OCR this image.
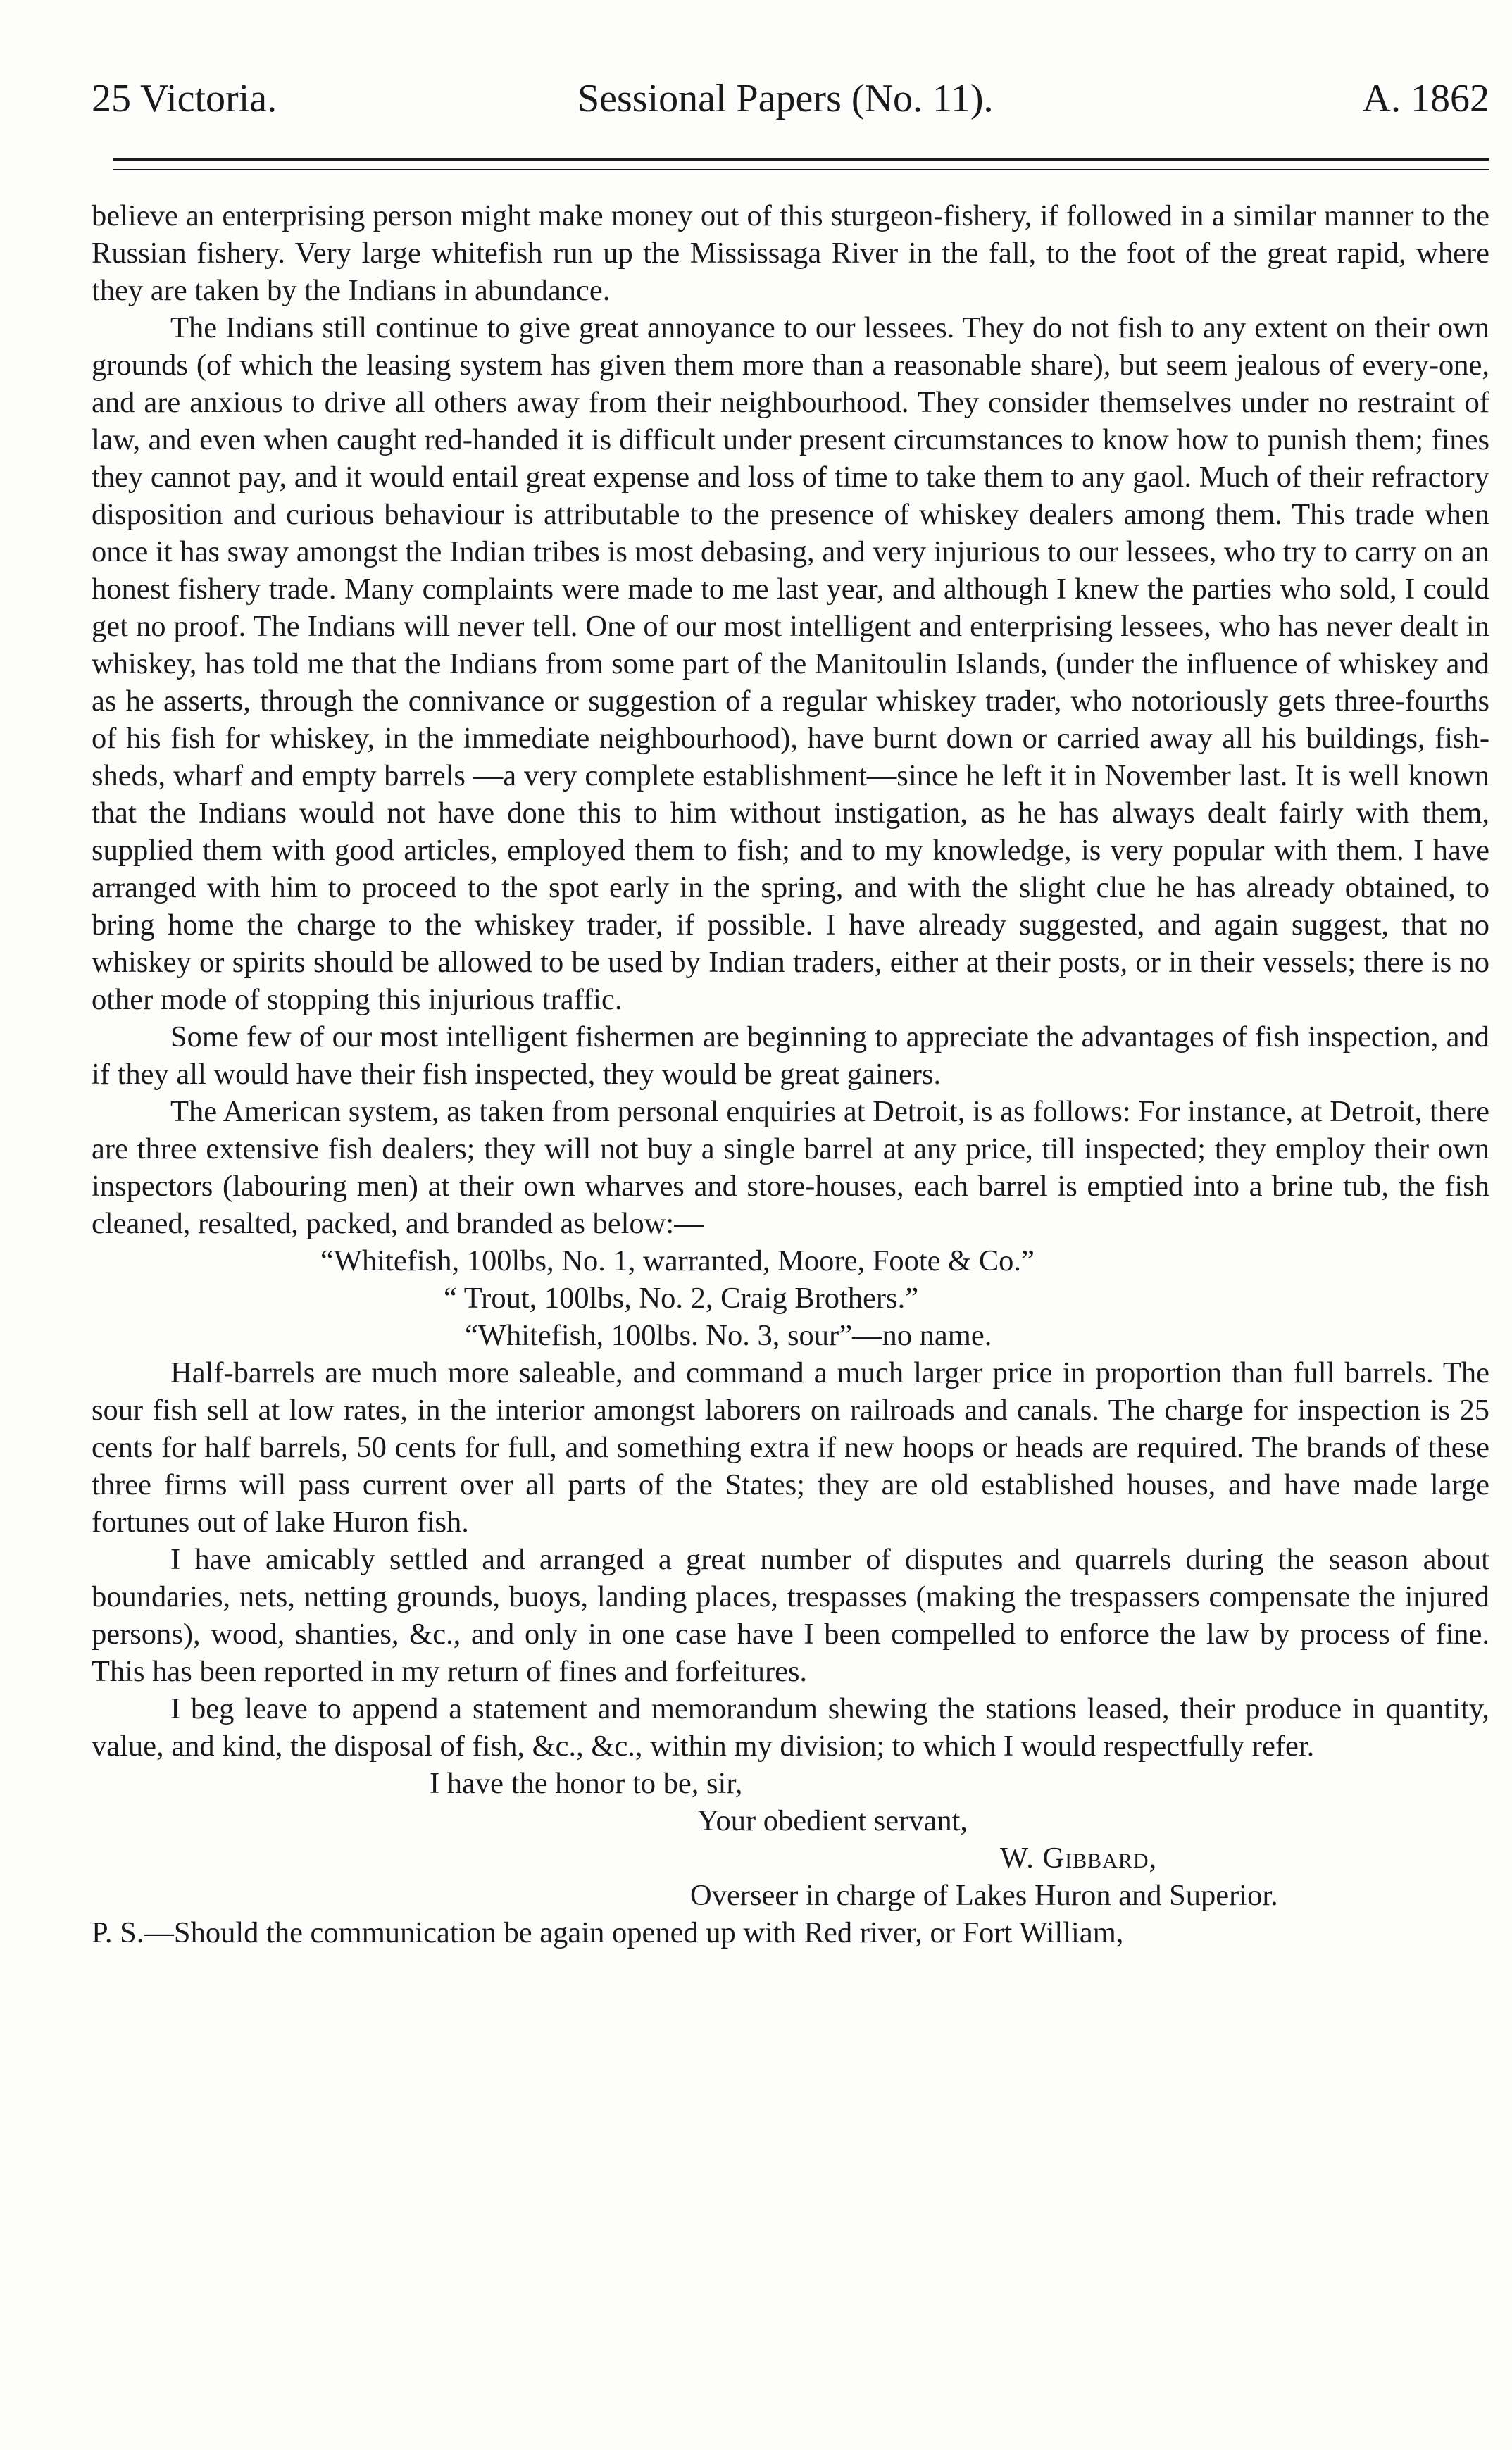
25 Victoria.	Sessional Papers (No. 11).	A. 1862

believe an enterprising person might make money out of this sturgeon-fishery, if followed in a similar manner to the Russian fishery. Very large whitefish run up the Mississaga River in the fall, to the foot of the great rapid, where they are taken by the Indians in abundance.

The Indians still continue to give great annoyance to our lessees. They do not fish to any extent on their own grounds (of which the leasing system has given them more than a reasonable share), but seem jealous of every-one, and are anxious to drive all others away from their neighbourhood. They consider themselves under no restraint of law, and even when caught red-handed it is difficult under present circumstances to know how to punish them; fines they cannot pay, and it would entail great expense and loss of time to take them to any gaol. Much of their refractory disposition and curious behaviour is attributable to the presence of whiskey dealers among them. This trade when once it has sway amongst the Indian tribes is most debasing, and very injurious to our lessees, who try to carry on an honest fishery trade. Many complaints were made to me last year, and although I knew the parties who sold, I could get no proof. The Indians will never tell. One of our most intelligent and enterprising lessees, who has never dealt in whiskey, has told me that the Indians from some part of the Manitoulin Islands, (under the influence of whiskey and as he asserts, through the connivance or suggestion of a regular whiskey trader, who notoriously gets three-fourths of his fish for whiskey, in the immediate neighbourhood), have burnt down or carried away all his buildings, fish-sheds, wharf and empty barrels —a very complete establishment—since he left it in November last. It is well known that the Indians would not have done this to him without instigation, as he has always dealt fairly with them, supplied them with good articles, employed them to fish; and to my knowledge, is very popular with them. I have arranged with him to proceed to the spot early in the spring, and with the slight clue he has already obtained, to bring home the charge to the whiskey trader, if possible. I have already suggested, and again suggest, that no whiskey or spirits should be allowed to be used by Indian traders, either at their posts, or in their vessels; there is no other mode of stopping this injurious traffic.

Some few of our most intelligent fishermen are beginning to appreciate the advantages of fish inspection, and if they all would have their fish inspected, they would be great gainers.

The American system, as taken from personal enquiries at Detroit, is as follows: For instance, at Detroit, there are three extensive fish dealers; they will not buy a single barrel at any price, till inspected; they employ their own inspectors (labouring men) at their own wharves and store-houses, each barrel is emptied into a brine tub, the fish cleaned, resalted, packed, and branded as below:—

“Whitefish, 100lbs, No. 1, warranted, Moore, Foote & Co.”

“ Trout, 100lbs, No. 2, Craig Brothers.”

“Whitefish, 100lbs. No. 3, sour”—no name.

Half-barrels are much more saleable, and command a much larger price in proportion than full barrels. The sour fish sell at low rates, in the interior amongst laborers on railroads and canals. The charge for inspection is 25 cents for half barrels, 50 cents for full, and something extra if new hoops or heads are required. The brands of these three firms will pass current over all parts of the States; they are old established houses, and have made large fortunes out of lake Huron fish.

I have amicably settled and arranged a great number of disputes and quarrels during the season about boundaries, nets, netting grounds, buoys, landing places, trespasses (making the trespassers compensate the injured persons), wood, shanties, &c., and only in one case have I been compelled to enforce the law by process of fine. This has been reported in my return of fines and forfeitures.

I beg leave to append a statement and memorandum shewing the stations leased, their produce in quantity, value, and kind, the disposal of fish, &c., &c., within my division; to which I would respectfully refer.

I have the honor to be, sir,

Your obedient servant,

W. Gibbard,

Overseer in charge of Lakes Huron and Superior.

P. S.—Should the communication be again opened up with Red river, or Fort William,
